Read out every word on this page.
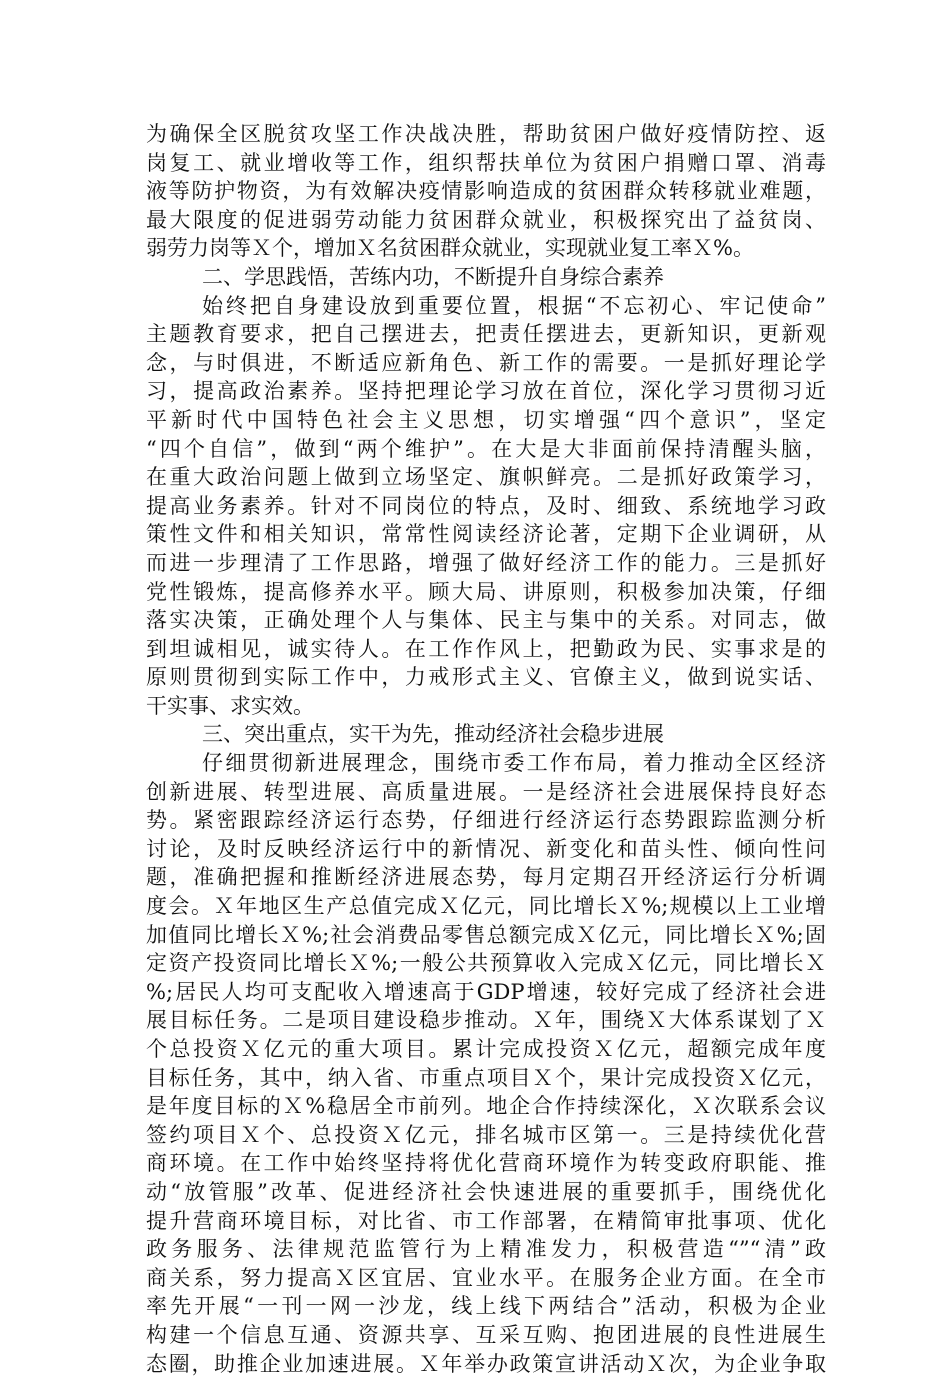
为确保全区脱贫攻坚工作决战决胜，帮助贫困户做好疫情防控、返
岗复工、就业增收等工作，组织帮扶单位为贫困户捐赠口罩、消毒
液等防护物资，为有效解决疫情影响造成的贫困群众转移就业难题，
最大限度的促进弱劳动能力贫困群众就业，积极探究出了益贫岗、
弱劳力岗等Ｘ个，增加Ｘ名贫困群众就业，实现就业复工率Ｘ%。
二、学思践悟，苦练内功，不断提升自身综合素养
始终把自身建设放到重要位置，根据“不忘初心、牢记使命”
主题教育要求，把自己摆进去，把责任摆进去，更新知识，更新观
念，与时俱进，不断适应新角色、新工作的需要。一是抓好理论学
习，提高政治素养。坚持把理论学习放在首位，深化学习贯彻习近
平新时代中国特色社会主义思想，切实增强“四个意识”，坚定
“四个自信”，做到“两个维护”。在大是大非面前保持清醒头脑，
在重大政治问题上做到立场坚定、旗帜鲜亮。二是抓好政策学习，
提高业务素养。针对不同岗位的特点，及时、细致、系统地学习政
策性文件和相关知识，常常性阅读经济论著，定期下企业调研，从
而进一步理清了工作思路，增强了做好经济工作的能力。三是抓好
党性锻炼，提高修养水平。顾大局、讲原则，积极参加决策，仔细
落实决策，正确处理个人与集体、民主与集中的关系。对同志，做
到坦诚相见，诚实待人。在工作作风上，把勤政为民、实事求是的
原则贯彻到实际工作中，力戒形式主义、官僚主义，做到说实话、
干实事、求实效。
三、突出重点，实干为先，推动经济社会稳步进展
仔细贯彻新进展理念，围绕市委工作布局，着力推动全区经济
创新进展、转型进展、高质量进展。一是经济社会进展保持良好态
势。紧密跟踪经济运行态势，仔细进行经济运行态势跟踪监测分析
讨论，及时反映经济运行中的新情况、新变化和苗头性、倾向性问
题，准确把握和推断经济进展态势，每月定期召开经济运行分析调
度会。Ｘ年地区生产总值完成Ｘ亿元，同比增长Ｘ%;规模以上工业增
加值同比增长Ｘ%;社会消费品零售总额完成Ｘ亿元，同比增长Ｘ%;固
定资产投资同比增长Ｘ%;一般公共预算收入完成Ｘ亿元，同比增长Ｘ
%;居民人均可支配收入增速高于GDP增速，较好完成了经济社会进
展目标任务。二是项目建设稳步推动。Ｘ年，围绕Ｘ大体系谋划了Ｘ
个总投资Ｘ亿元的重大项目。累计完成投资Ｘ亿元，超额完成年度
目标任务，其中，纳入省、市重点项目Ｘ个，果计完成投资Ｘ亿元，
是年度目标的Ｘ%稳居全市前列。地企合作持续深化，Ｘ次联系会议
签约项目Ｘ个、总投资Ｘ亿元，排名城市区第一。三是持续优化营
商环境。在工作中始终坚持将优化营商环境作为转变政府职能、推
动“放管服”改革、促进经济社会快速进展的重要抓手，围绕优化
提升营商环境目标，对比省、市工作部署，在精简审批事项、优化
政务服务、法律规范监管行为上精准发力，积极营造“”“清”政
商关系，努力提高Ｘ区宜居、宜业水平。在服务企业方面。在全市
率先开展“一刊一网一沙龙，线上线下两结合”活动，积极为企业
构建一个信息互通、资源共享、互采互购、抱团进展的良性进展生
态圈，助推企业加速进展。Ｘ年举办政策宣讲活动Ｘ次，为企业争取
